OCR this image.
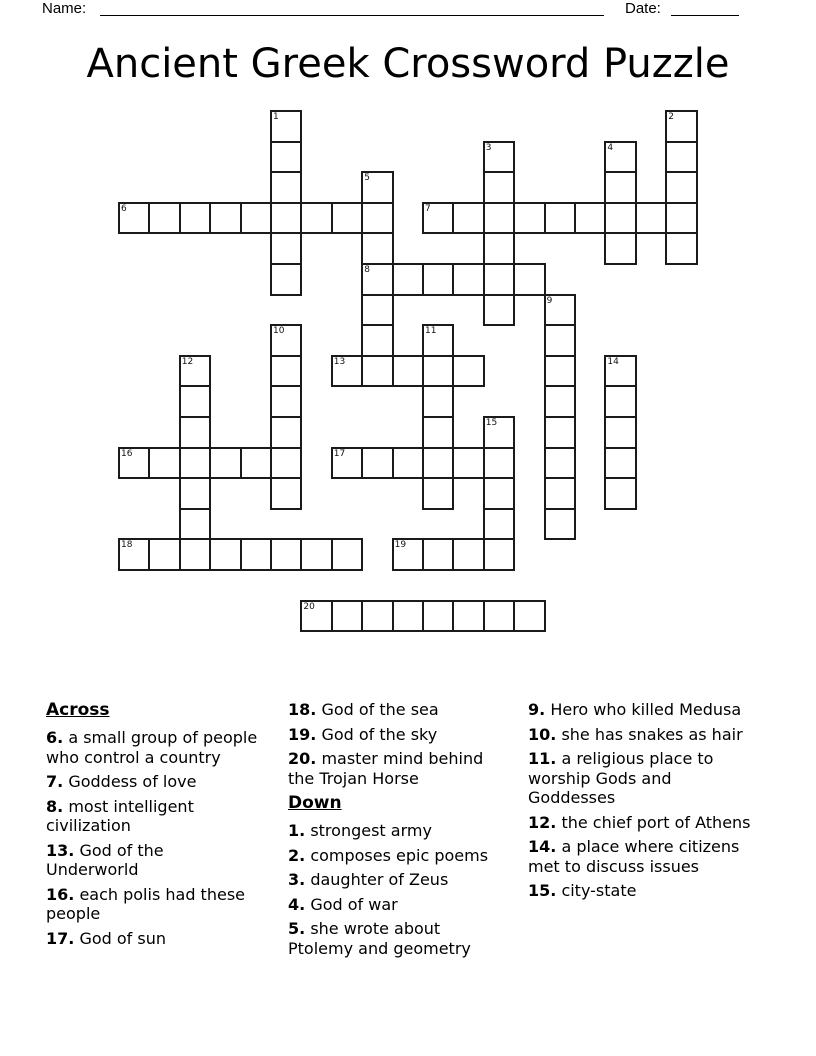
Name:	Date:
Ancient Greek Crossword Puzzle
1	2
3	4
5
8
6	7
9
10	11
12	13	14
15
16	17
18	19
20
Across

6. a small group of people who control a country

7. Goddess of love

8. most intelligent civilization

13. God of the Underworld

16. each polis had these people

17. God of sun

18. God of the sea

19. God of the sky

20. master mind behind the Trojan Horse

Down

1. strongest army

2. composes epic poems

3. daughter of Zeus

4. God of war

5. she wrote about Ptolemy and geometry

9. Hero who killed Medusa

10. she has snakes as hair

11. a religious place to worship Gods and Goddesses

12. the chief port of Athens

14. a place where citizens met to discuss issues

15. city-state
